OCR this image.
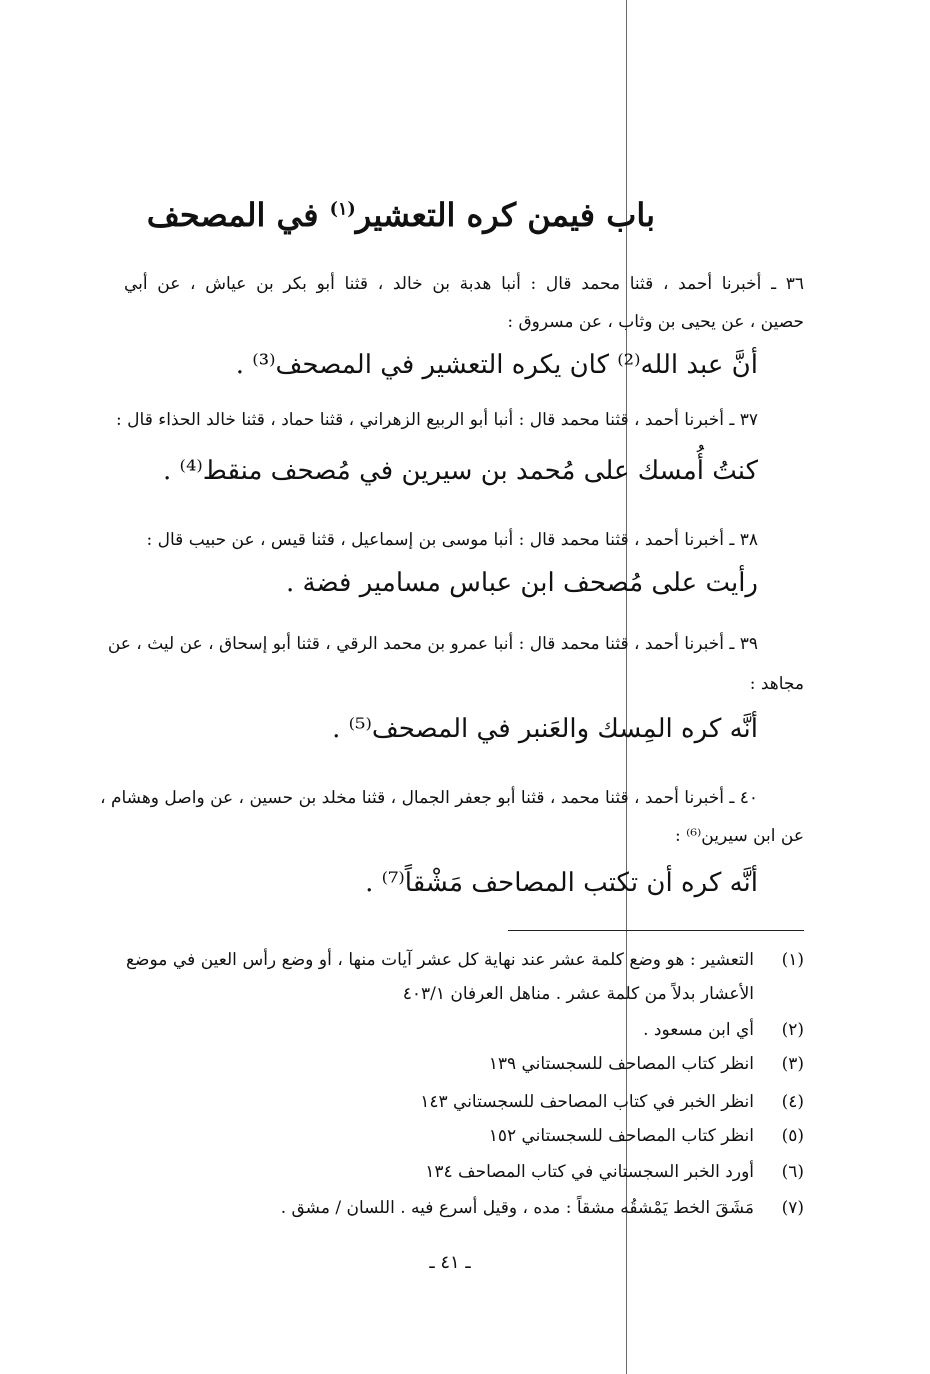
باب فيمن كره التعشير$^{(١)}$ في المصحف
٣٦ ـ أخبرنا أحمد ، قثنا محمد قال : أنبا هدبة بن خالد ، قثنا أبو بكر بن عياش ، عن أبي
حصين ، عن يحيى بن وثاب ، عن مسروق :
أنَّ عبد الله⁽²⁾ كان يكره التعشير في المصحف⁽³⁾ .
٣٧ ـ أخبرنا أحمد ، قثنا محمد قال : أنبا أبو الربيع الزهراني ، قثنا حماد ، قثنا خالد الحذاء قال :
كنتُ أُمسك على مُحمد بن سيرين في مُصحف منقط⁽⁴⁾ .
٣٨ ـ أخبرنا أحمد ، قثنا محمد قال : أنبا موسى بن إسماعيل ، قثنا قيس ، عن حبيب قال :
رأيت على مُصحف ابن عباس مسامير فضة .
٣٩ ـ أخبرنا أحمد ، قثنا محمد قال : أنبا عمرو بن محمد الرقي ، قثنا أبو إسحاق ، عن ليث ، عن
مجاهد :
أنَّه كره المِسك والعَنبر في المصحف⁽⁵⁾ .
٤٠ ـ أخبرنا أحمد ، قثنا محمد ، قثنا أبو جعفر الجمال ، قثنا مخلد بن حسين ، عن واصل وهشام ،
عن ابن سيرين⁽⁶⁾ :
أنَّه كره أن تكتب المصاحف مَشْقاً⁽⁷⁾ .
(١)
التعشير : هو وضع كلمة عشر عند نهاية كل عشر آيات منها ، أو وضع رأس العين في موضع
الأعشار بدلاً من كلمة عشر . مناهل العرفان ٤٠٣/١
(٢)
أي ابن مسعود .
(٣)
انظر كتاب المصاحف للسجستاني ١٣٩
(٤)
انظر الخبر في كتاب المصاحف للسجستاني ١٤٣
(٥)
انظر كتاب المصاحف للسجستاني ١٥٢
(٦)
أورد الخبر السجستاني في كتاب المصاحف ١٣٤
(٧)
مَشَقَ الخط يَمْشقُه مشقاً : مده ، وقيل أسرع فيه . اللسان / مشق .
ـ ٤١ ـ
